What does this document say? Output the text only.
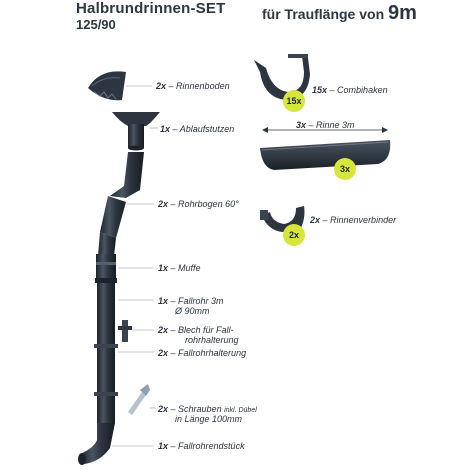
Halbrundrinnen-SET
125/90
für Trauflänge von 9m
15x
3x
2x
2x – Rinnenboden
1x – Ablaufstutzen
2x – Rohrbogen 60°
1x – Muffe
1x – Fallrohr 3m
Ø 90mm
2x – Blech für Fall-
rohrhalterung
2x – Fallrohrhalterung
2x – Schrauben inkl. Dübel
in Länge 100mm
1x – Fallrohrendstück
15x – Combihaken
3x – Rinne 3m
2x – Rinnenverbinder
